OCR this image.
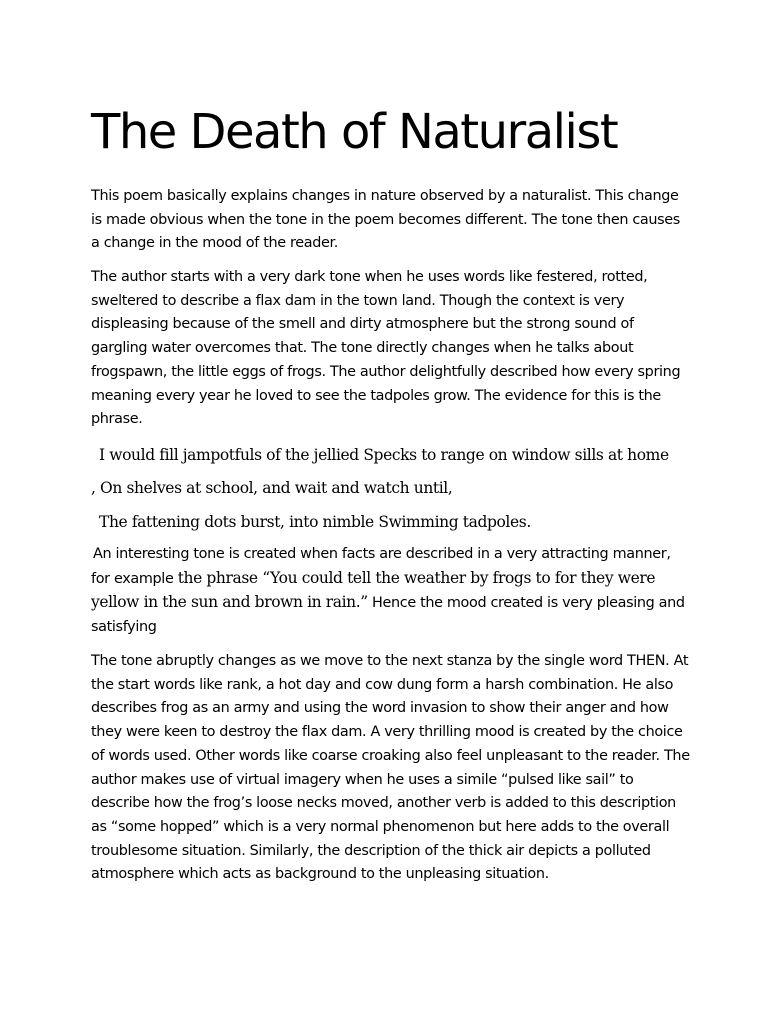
The Death of Naturalist

This poem basically explains changes in nature observed by a naturalist. This change is made obvious when the tone in the poem becomes different. The tone then causes a change in the mood of the reader.

The author starts with a very dark tone when he uses words like festered, rotted, sweltered to describe a flax dam in the town land. Though the context is very displeasing because of the smell and dirty atmosphere but the strong sound of gargling water overcomes that. The tone directly changes when he talks about frogspawn, the little eggs of frogs. The author delightfully described how every spring meaning every year he loved to see the tadpoles grow. The evidence for this is the phrase.

I would fill jampotfuls of the jellied Specks to range on window sills at home

, On shelves at school, and wait and watch until,

The fattening dots burst, into nimble Swimming tadpoles.

An interesting tone is created when facts are described in a very attracting manner, for example the phrase “You could tell the weather by frogs to for they were yellow in the sun and brown in rain.” Hence the mood created is very pleasing and satisfying

The tone abruptly changes as we move to the next stanza by the single word THEN. At the start words like rank, a hot day and cow dung form a harsh combination. He also describes frog as an army and using the word invasion to show their anger and how they were keen to destroy the flax dam. A very thrilling mood is created by the choice of words used. Other words like coarse croaking also feel unpleasant to the reader. The author makes use of virtual imagery when he uses a simile “pulsed like sail” to describe how the frog’s loose necks moved, another verb is added to this description as “some hopped” which is a very normal phenomenon but here adds to the overall troublesome situation. Similarly, the description of the thick air depicts a polluted atmosphere which acts as background to the unpleasing situation.
